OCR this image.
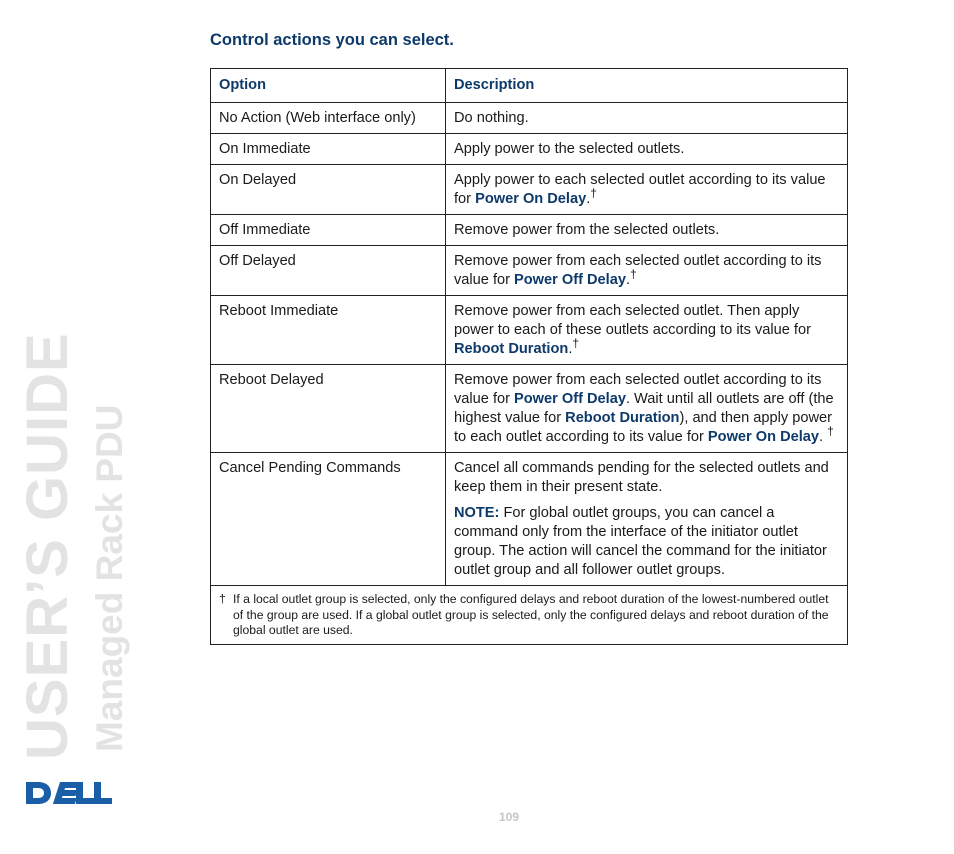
USER’S GUIDE Managed Rack PDU
Control actions you can select.
Option	Description
No Action (Web interface only)	Do nothing.
On Immediate	Apply power to the selected outlets.
On Delayed	Apply power to each selected outlet according to its value for Power On Delay.†
Off Immediate	Remove power from the selected outlets.
Off Delayed	Remove power from each selected outlet according to its value for Power Off Delay.†
Reboot Immediate	Remove power from each selected outlet. Then apply power to each of these outlets according to its value for Reboot Duration.†
Reboot Delayed	Remove power from each selected outlet according to its value for Power Off Delay. Wait until all outlets are off (the highest value for Reboot Duration), and then apply power to each outlet according to its value for Power On Delay. †
Cancel Pending Commands	Cancel all commands pending for the selected outlets and keep them in their present state.

NOTE: For global outlet groups, you can cancel a command only from the interface of the initiator outlet group. The action will cancel the command for the initiator outlet group and all follower outlet groups.

† If a local outlet group is selected, only the configured delays and reboot duration of the lowest-numbered outlet of the group are used. If a global outlet group is selected, only the configured delays and reboot duration of the global outlet are used.	
109
